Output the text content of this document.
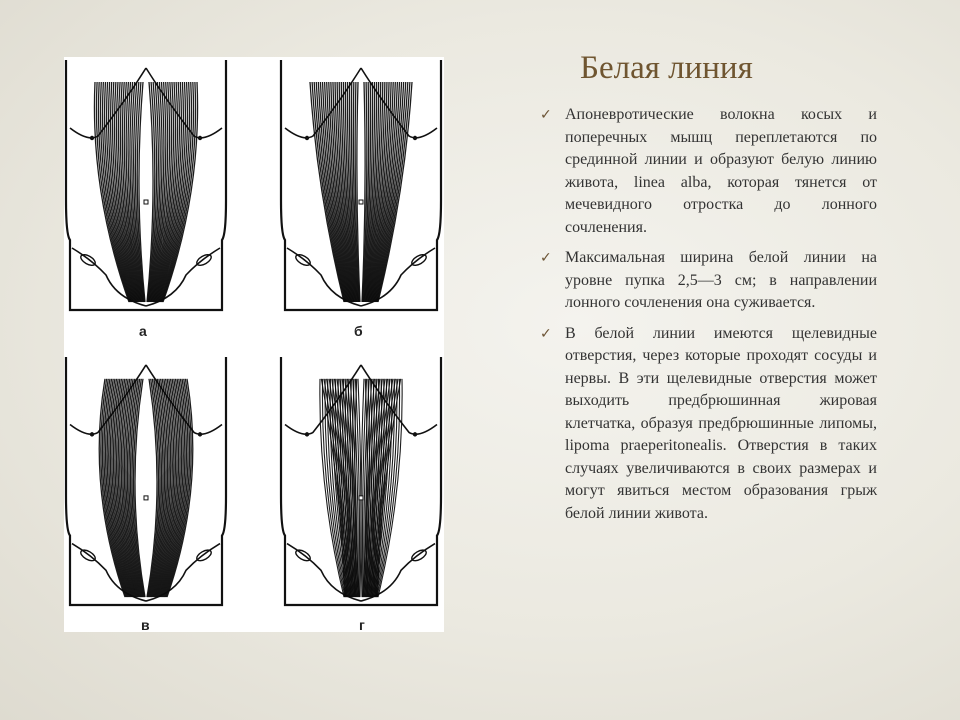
а	б
в	г
Белая линия
✓ Апоневротические волокна косых и поперечных мышц переплетаются по срединной линии и образуют белую линию живота, linea alba, которая тянется от мечевидного отростка до лонного сочленения.
✓ Максимальная ширина белой линии на уровне пупка 2,5—3 см; в направлении лонного сочленения она суживается.
✓ В белой линии имеются щелевидные отверстия, через которые проходят сосуды и нервы. В эти щелевидные отверстия может выходить предбрюшинная жировая клетчатка, образуя предбрюшинные липомы, lipoma praeperitonealis. Отверстия в таких случаях увеличиваются в своих размерах и могут явиться местом образования грыж белой линии живота.
